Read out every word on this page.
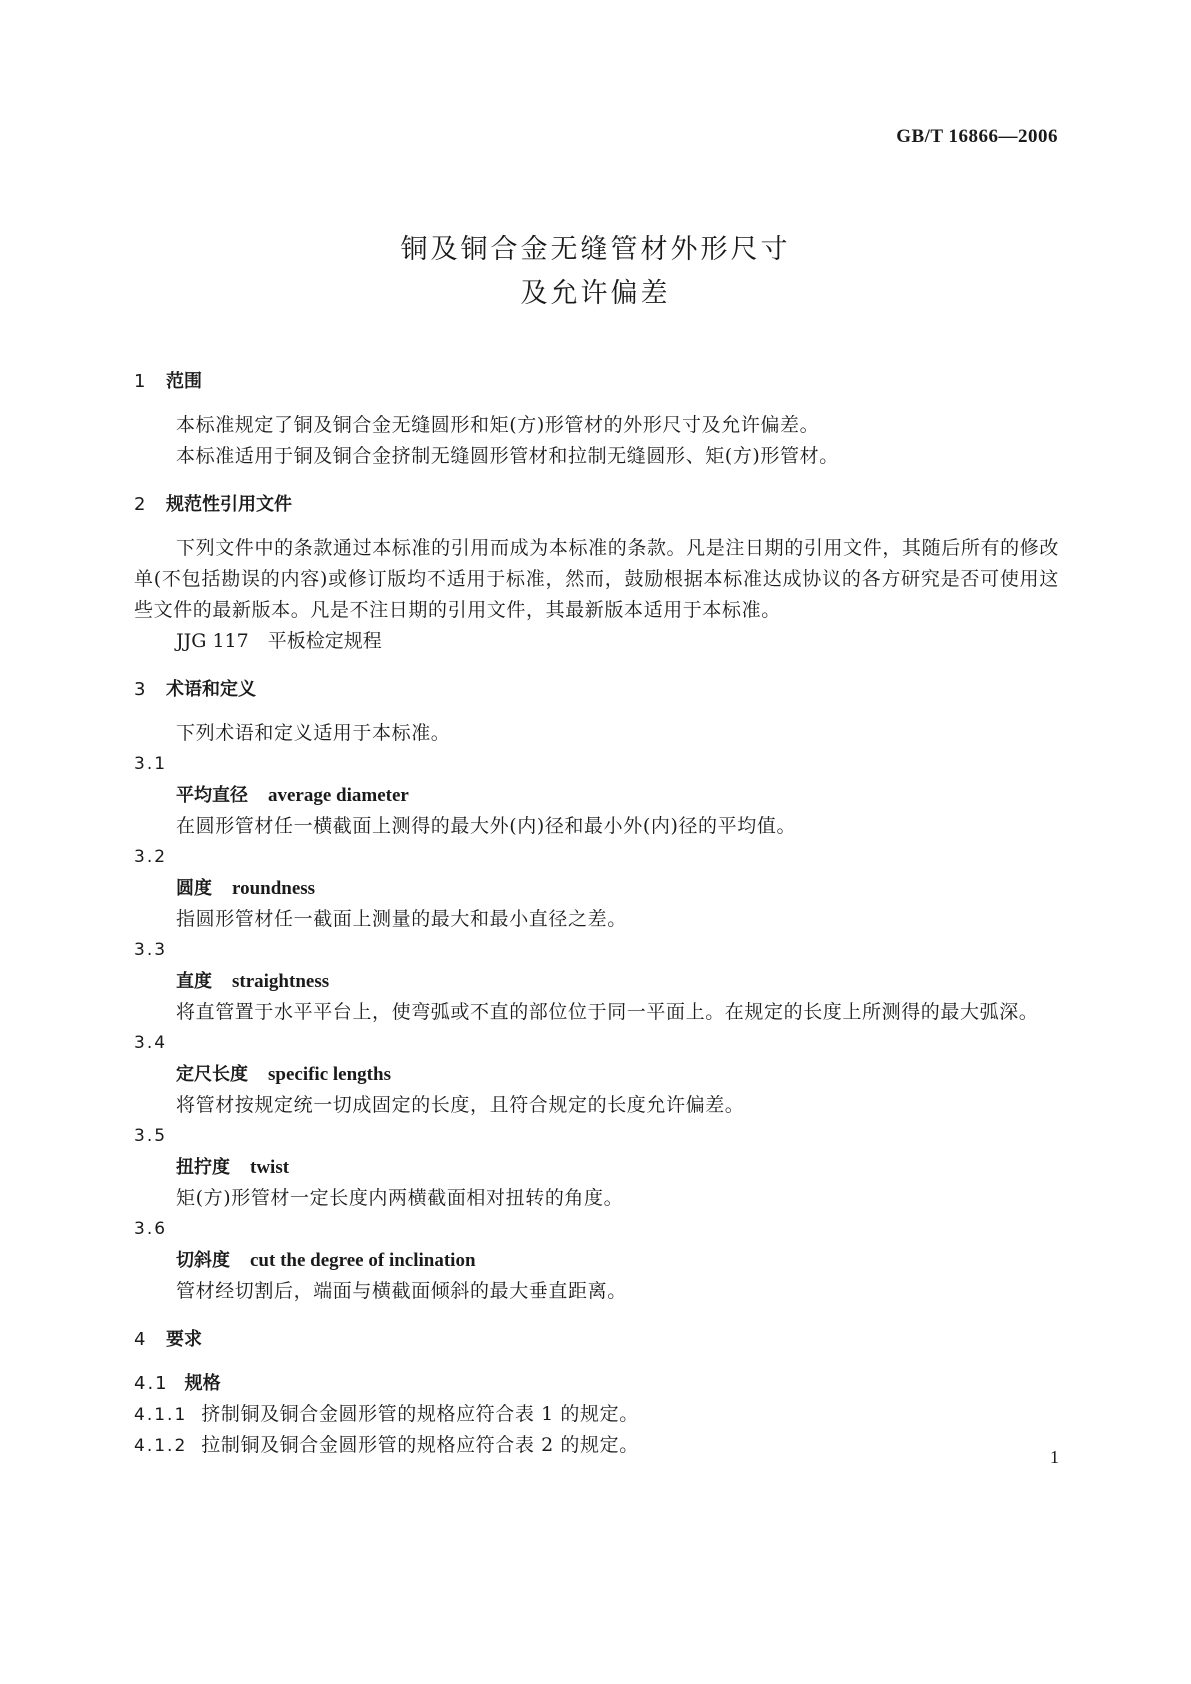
GB/T 16866—2006
铜及铜合金无缝管材外形尺寸
及允许偏差
1 范围
本标准规定了铜及铜合金无缝圆形和矩(方)形管材的外形尺寸及允许偏差。
本标准适用于铜及铜合金挤制无缝圆形管材和拉制无缝圆形、矩(方)形管材。
2 规范性引用文件
下列文件中的条款通过本标准的引用而成为本标准的条款。凡是注日期的引用文件，其随后所有的修改单(不包括勘误的内容)或修订版均不适用于标准，然而，鼓励根据本标准达成协议的各方研究是否可使用这些文件的最新版本。凡是不注日期的引用文件，其最新版本适用于本标准。
JJG 117　平板检定规程
3 术语和定义
下列术语和定义适用于本标准。
3.1
平均直径 average diameter
在圆形管材任一横截面上测得的最大外(内)径和最小外(内)径的平均值。
3.2
圆度 roundness
指圆形管材任一截面上测量的最大和最小直径之差。
3.3
直度 straightness
将直管置于水平平台上，使弯弧或不直的部位位于同一平面上。在规定的长度上所测得的最大弧深。
3.4
定尺长度 specific lengths
将管材按规定统一切成固定的长度，且符合规定的长度允许偏差。
3.5
扭拧度 twist
矩(方)形管材一定长度内两横截面相对扭转的角度。
3.6
切斜度 cut the degree of inclination
管材经切割后，端面与横截面倾斜的最大垂直距离。
4 要求
4.1 规格
4.1.1 挤制铜及铜合金圆形管的规格应符合表 1 的规定。
4.1.2 拉制铜及铜合金圆形管的规格应符合表 2 的规定。
1
